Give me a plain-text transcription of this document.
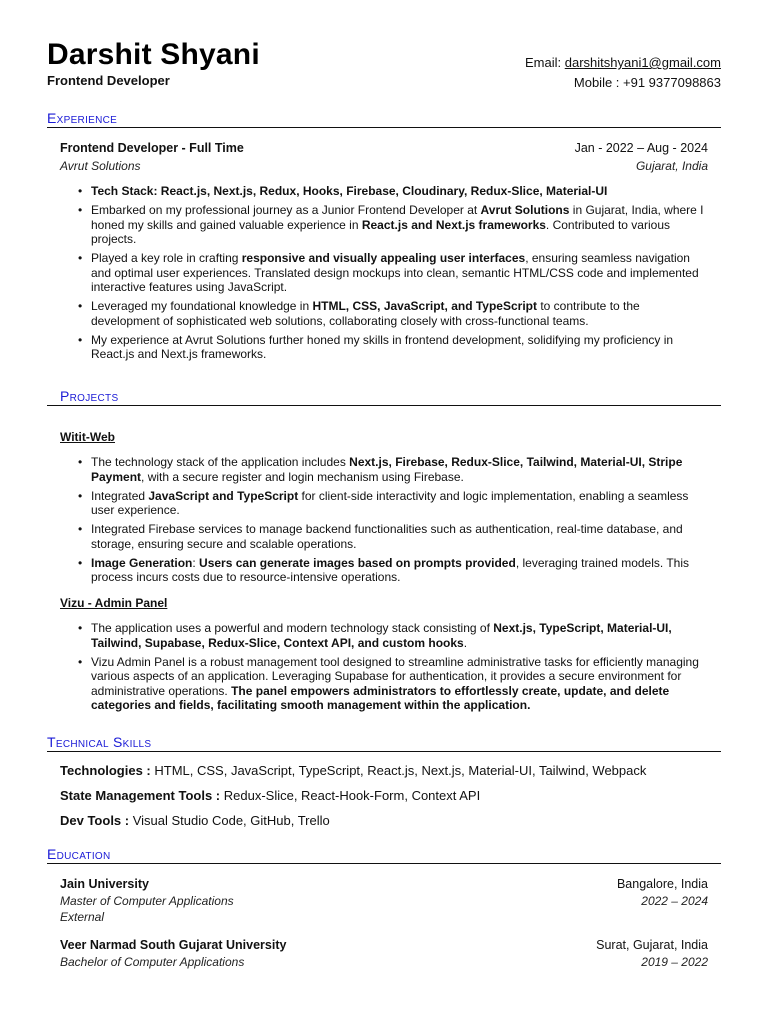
Darshit Shyani
Frontend Developer
Email: darshitshyani1@gmail.com
Mobile : +91 9377098863
Experience
Frontend Developer - Full Time	Jan - 2022 – Aug - 2024
Avrut Solutions	Gujarat, India
• Tech Stack: React.js, Next.js, Redux, Hooks, Firebase, Cloudinary, Redux-Slice, Material-UI
• Embarked on my professional journey as a Junior Frontend Developer at Avrut Solutions in Gujarat, India, where I honed my skills and gained valuable experience in React.js and Next.js frameworks. Contributed to various projects.
• Played a key role in crafting responsive and visually appealing user interfaces, ensuring seamless navigation and optimal user experiences. Translated design mockups into clean, semantic HTML/CSS code and implemented interactive features using JavaScript.
• Leveraged my foundational knowledge in HTML, CSS, JavaScript, and TypeScript to contribute to the development of sophisticated web solutions, collaborating closely with cross-functional teams.
• My experience at Avrut Solutions further honed my skills in frontend development, solidifying my proficiency in React.js and Next.js frameworks.
Projects
Witit-Web
• The technology stack of the application includes Next.js, Firebase, Redux-Slice, Tailwind, Material-UI, Stripe Payment, with a secure register and login mechanism using Firebase.
• Integrated JavaScript and TypeScript for client-side interactivity and logic implementation, enabling a seamless user experience.
• Integrated Firebase services to manage backend functionalities such as authentication, real-time database, and storage, ensuring secure and scalable operations.
• Image Generation: Users can generate images based on prompts provided, leveraging trained models. This process incurs costs due to resource-intensive operations.
Vizu - Admin Panel
• The application uses a powerful and modern technology stack consisting of Next.js, TypeScript, Material-UI, Tailwind, Supabase, Redux-Slice, Context API, and custom hooks.
• Vizu Admin Panel is a robust management tool designed to streamline administrative tasks for efficiently managing various aspects of an application. Leveraging Supabase for authentication, it provides a secure environment for administrative operations. The panel empowers administrators to effortlessly create, update, and delete categories and fields, facilitating smooth management within the application.
Technical Skills
Technologies : HTML, CSS, JavaScript, TypeScript, React.js, Next.js, Material-UI, Tailwind, Webpack
State Management Tools : Redux-Slice, React-Hook-Form, Context API
Dev Tools : Visual Studio Code, GitHub, Trello
Education
Jain University	Bangalore, India
Master of Computer Applications	2022 – 2024
External
Veer Narmad South Gujarat University	Surat, Gujarat, India
Bachelor of Computer Applications	2019 – 2022
